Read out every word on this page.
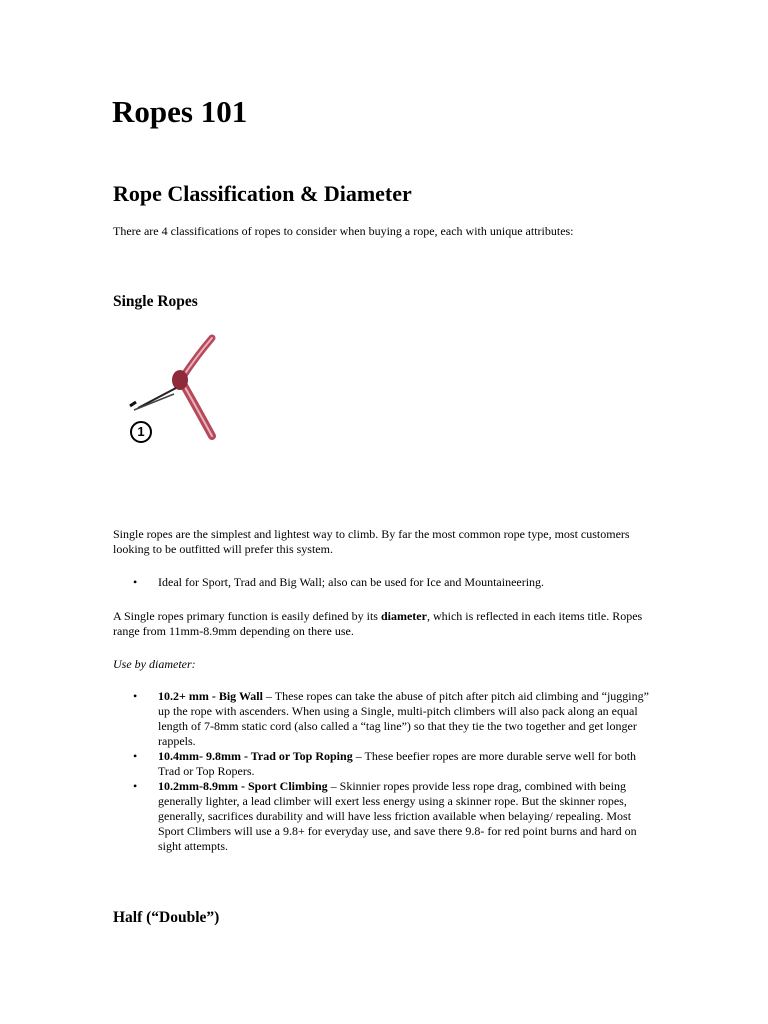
Ropes 101
Rope Classification & Diameter

There are 4 classifications of ropes to consider when buying a rope, each with unique attributes:

Single Ropes
1

Single ropes are the simplest and lightest way to climb. By far the most common rope type, most customers looking to be outfitted will prefer this system.

• Ideal for Sport, Trad and Big Wall; also can be used for Ice and Mountaineering.

A Single ropes primary function is easily defined by its diameter, which is reflected in each items title. Ropes range from 11mm-8.9mm depending on there use.

Use by diameter:

• 10.2+ mm - Big Wall – These ropes can take the abuse of pitch after pitch aid climbing and “jugging” up the rope with ascenders. When using a Single, multi-pitch climbers will also pack along an equal length of 7-8mm static cord (also called a “tag line”) so that they tie the two together and get longer rappels.
• 10.4mm- 9.8mm - Trad or Top Roping – These beefier ropes are more durable serve well for both Trad or Top Ropers.
• 10.2mm-8.9mm - Sport Climbing – Skinnier ropes provide less rope drag, combined with being generally lighter, a lead climber will exert less energy using a skinner rope. But the skinner ropes, generally, sacrifices durability and will have less friction available when belaying/ repealing. Most Sport Climbers will use a 9.8+ for everyday use, and save there 9.8- for red point burns and hard on sight attempts.
Half (“Double”)
